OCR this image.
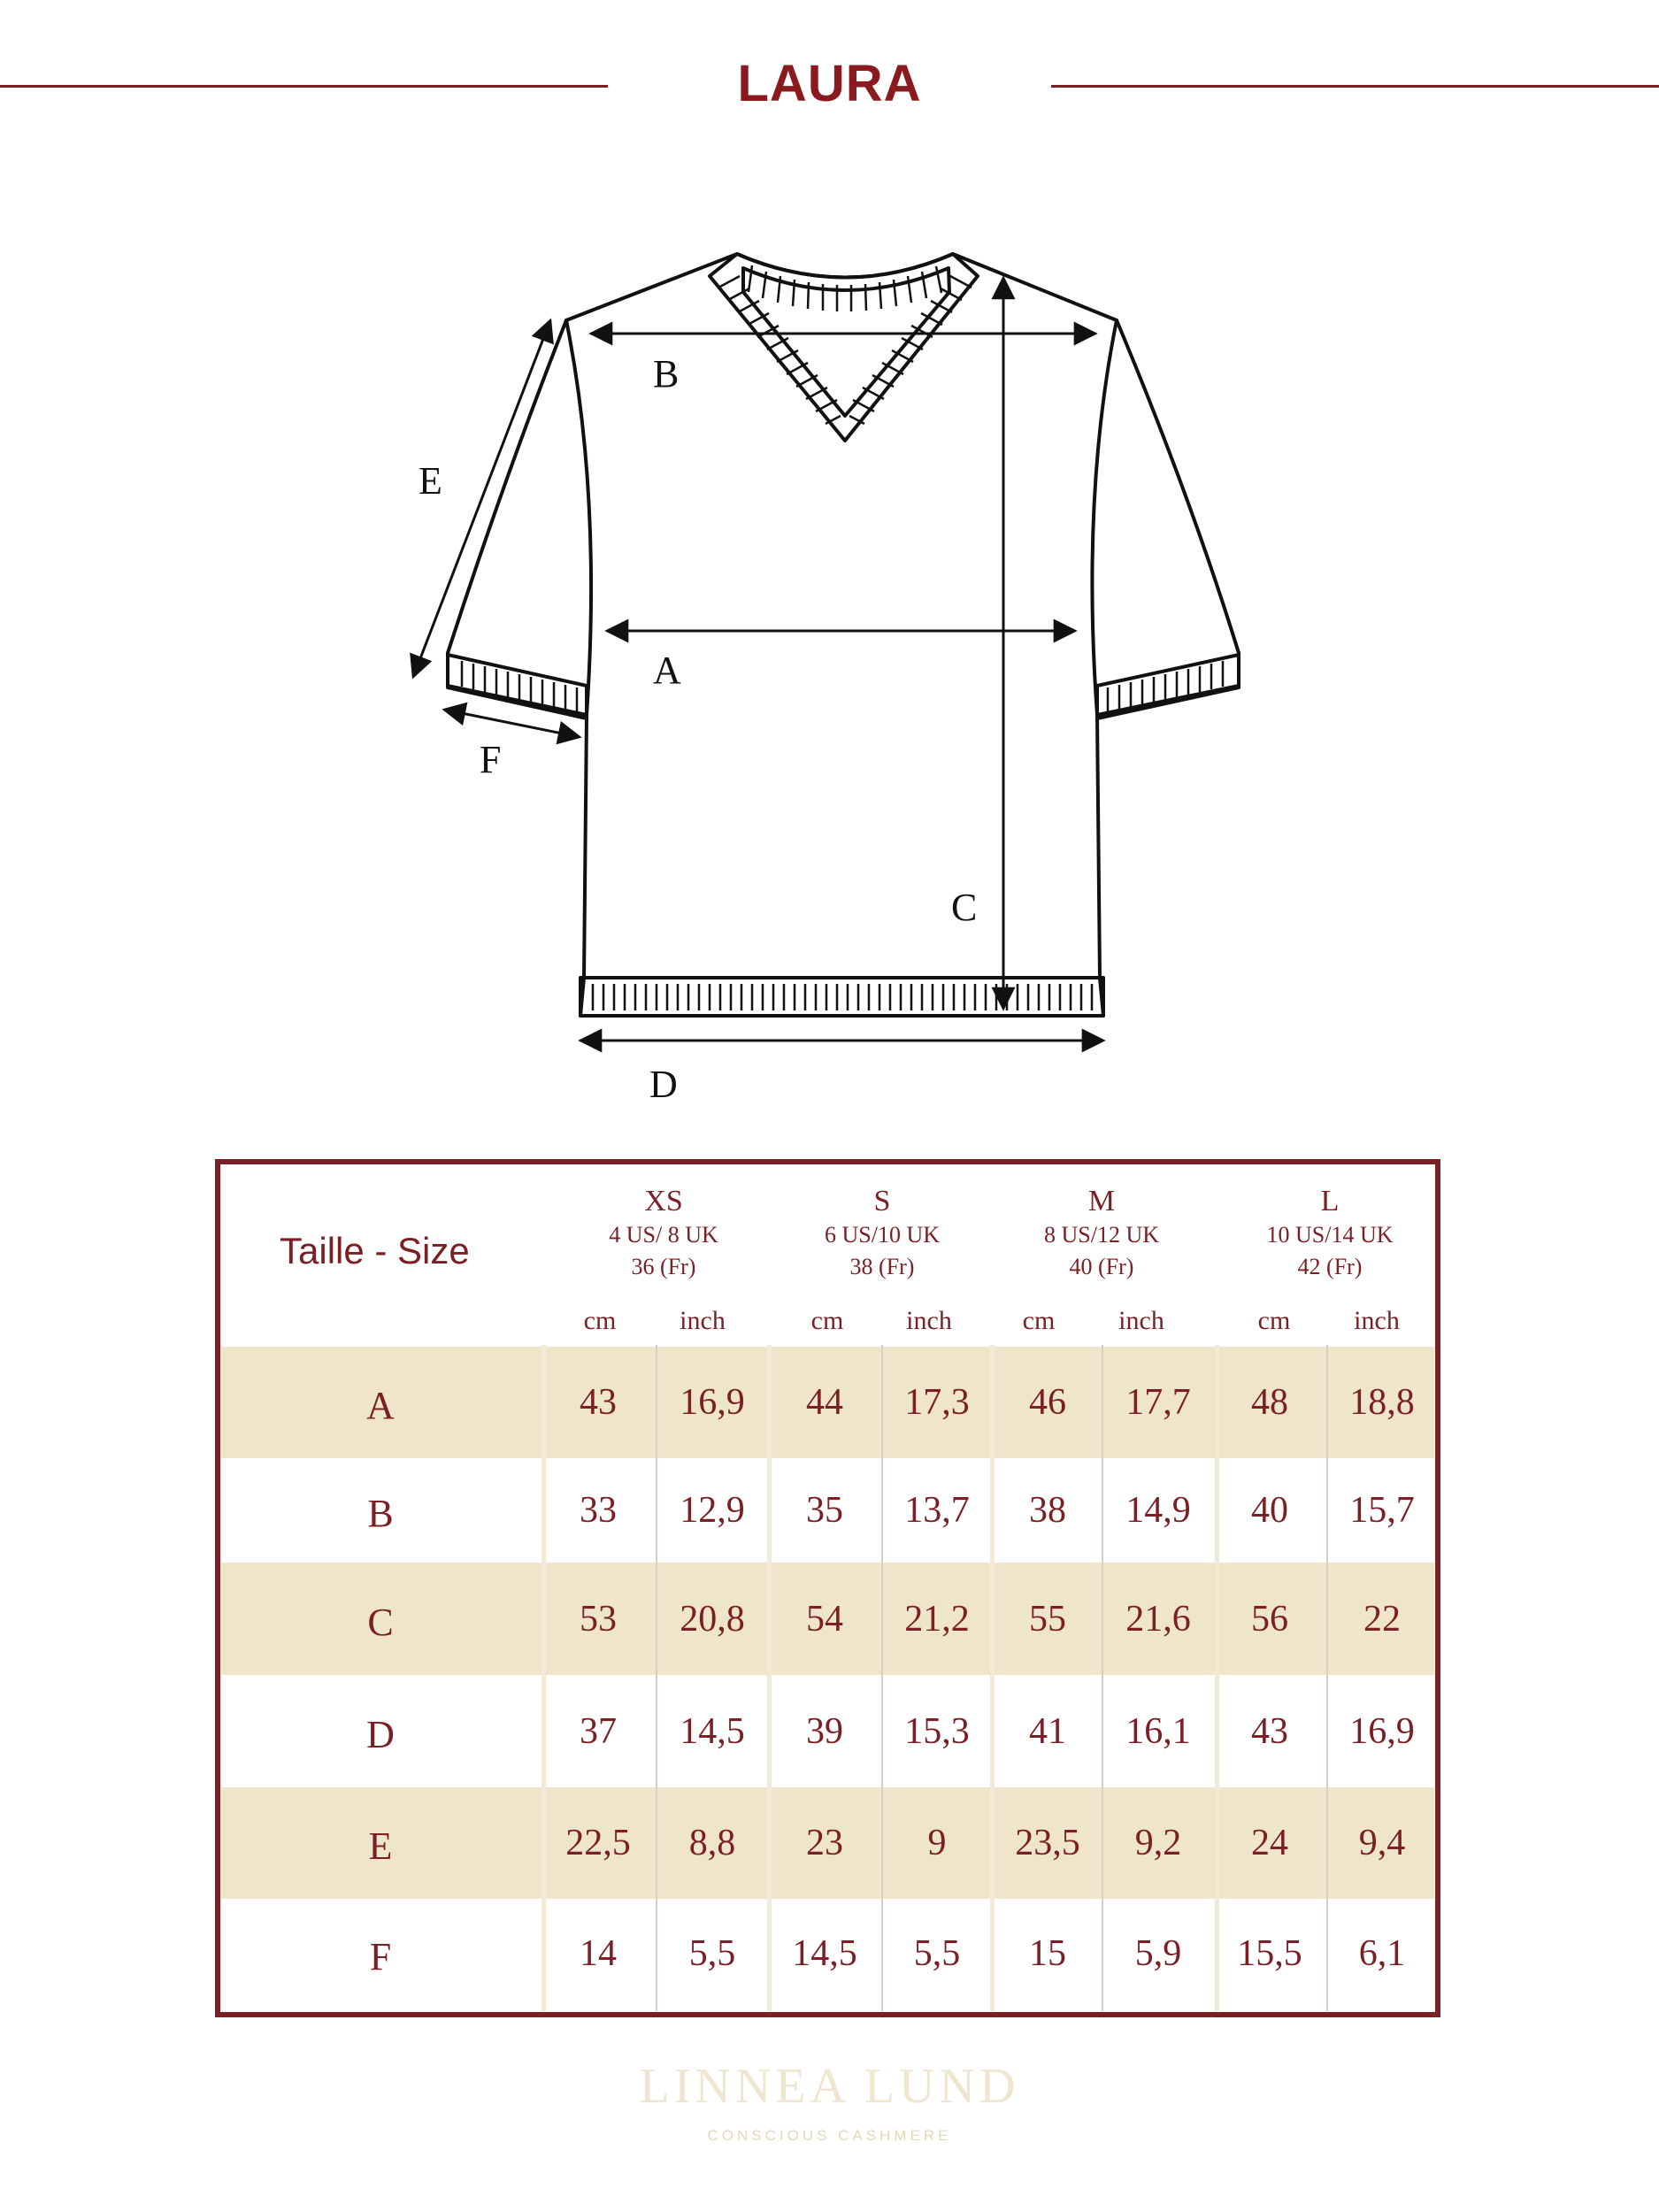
LAURA
B
E
A
F
C
D
Taille - Size
XS
4 US/ 8 UK
36 (Fr)
S
6 US/10 UK
38 (Fr)
M
8 US/12 UK
40 (Fr)
L
10 US/14 UK
42 (Fr)
cm	inch	cm	inch	cm	inch	cm	inch
A	43	16,9	44	17,3	46	17,7	48	18,8
B	33	12,9	35	13,7	38	14,9	40	15,7
C	53	20,8	54	21,2	55	21,6	56	22
D	37	14,5	39	15,3	41	16,1	43	16,9
E	22,5	8,8	23	9	23,5	9,2	24	9,4
F	14	5,5	14,5	5,5	15	5,9	15,5	6,1
LINNEA LUND
CONSCIOUS CASHMERE
